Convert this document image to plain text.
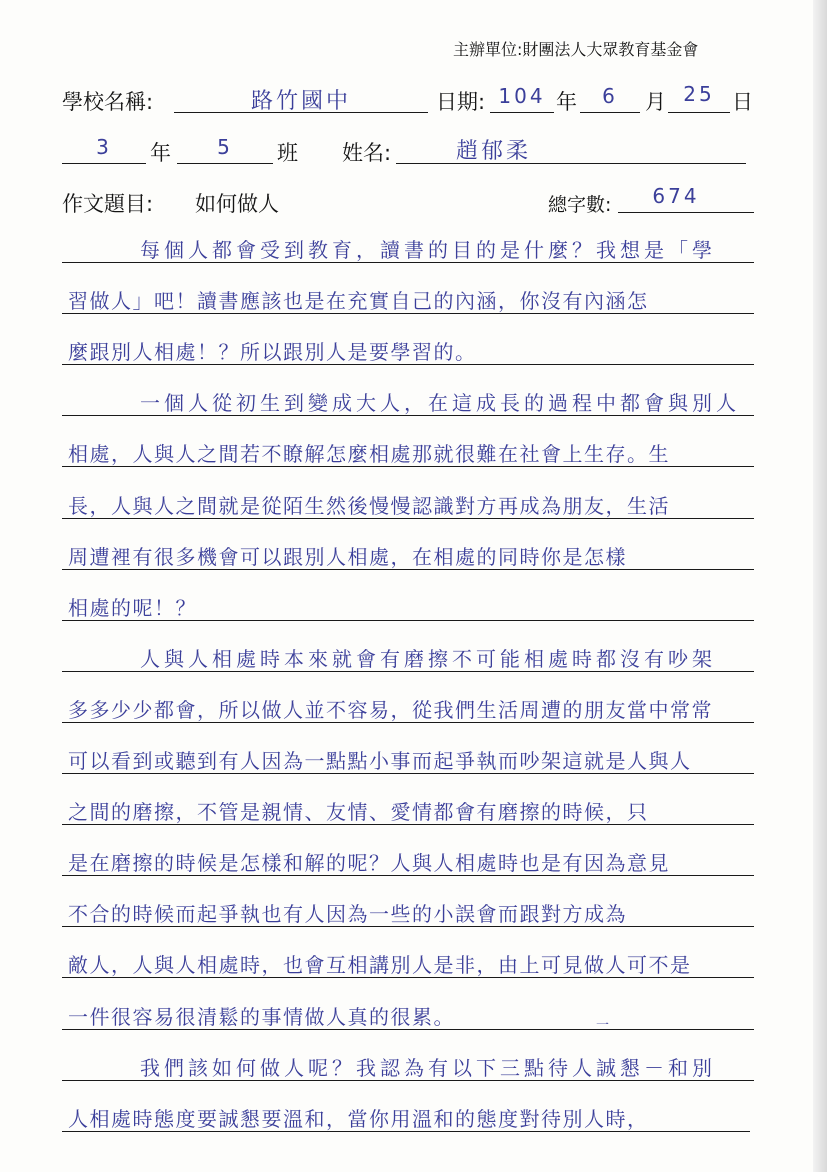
主辦單位:財團法人大眾教育基金會
學校名稱:	路竹國中	日期: 104 年	6	月 25 日
3	年	5	班 姓名:	趙郁柔
作文題目: 如何做人	總字數:	674
每個人都會受到教育，讀書的目的是什麼？我想是「學
習做人」吧！讀書應該也是在充實自己的內涵，你沒有內涵怎
麼跟別人相處！？所以跟別人是要學習的。
一個人從初生到變成大人，在這成長的過程中都會與別人
相處，人與人之間若不瞭解怎麼相處那就很難在社會上生存。生
長，人與人之間就是從陌生然後慢慢認識對方再成為朋友，生活
周遭裡有很多機會可以跟別人相處，在相處的同時你是怎樣
相處的呢！？
人與人相處時本來就會有磨擦不可能相處時都沒有吵架
多多少少都會，所以做人並不容易，從我們生活周遭的朋友當中常常
可以看到或聽到有人因為一點點小事而起爭執而吵架這就是人與人
之間的磨擦，不管是親情、友情、愛情都會有磨擦的時候，只
是在磨擦的時候是怎樣和解的呢？人與人相處時也是有因為意見
不合的時候而起爭執也有人因為一些的小誤會而跟對方成為
敵人，人與人相處時，也會互相講別人是非，由上可見做人可不是
一件很容易很清鬆的事情做人真的很累。
我們該如何做人呢？我認為有以下三點待人誠懇－和別
人相處時態度要誠懇要溫和，當你用溫和的態度對待別人時，
一
